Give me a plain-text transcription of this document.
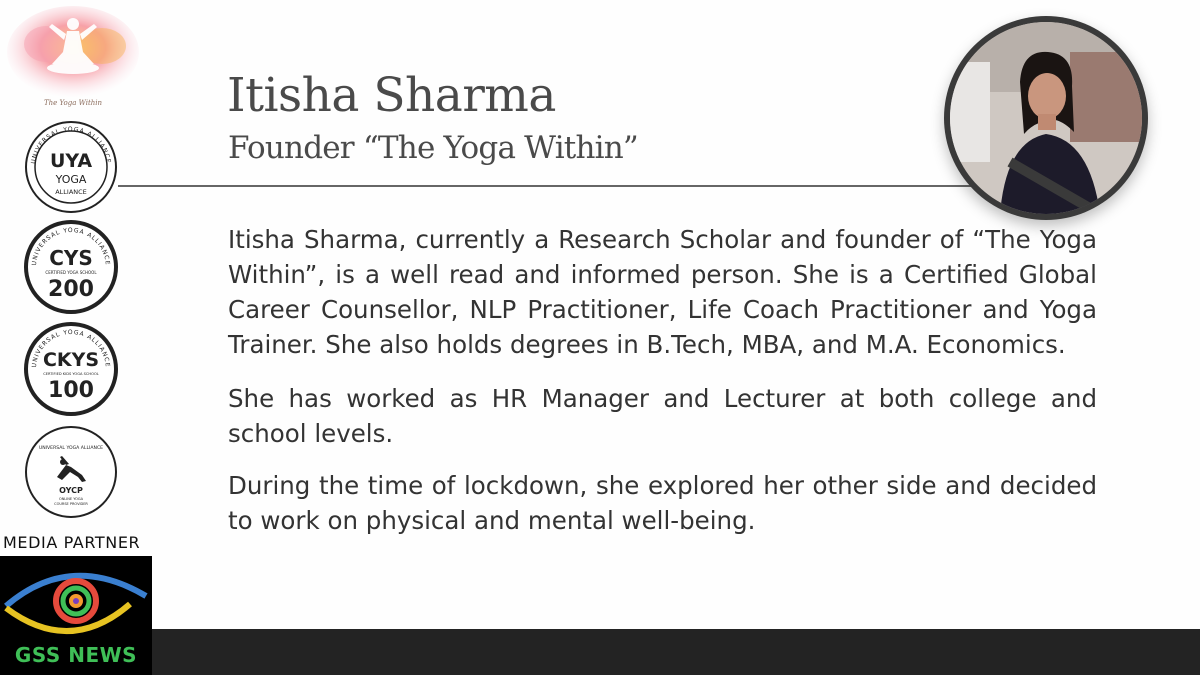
The Yoga Within
UNIVERSAL YOGA ALLIANCE
UYA
YOGA
ALLIANCE
UNIVERSAL YOGA ALLIANCE
CYS
CERTIFIED YOGA SCHOOL
200
UNIVERSAL YOGA ALLIANCE
CKYS
CERTIFIED KIDS YOGA SCHOOL
100
UNIVERSAL YOGA ALLIANCE
OYCP
ONLINE YOGA
COURSE PROVIDER
MEDIA PARTNER
GSS NEWS
Itisha Sharma
Founder “The Yoga Within”

Itisha Sharma, currently a Research Scholar and founder of “The Yoga Within”, is a well read and informed person. She is a Certified Global Career Counsellor, NLP Practitioner, Life Coach Practitioner and Yoga Trainer. She also holds degrees in B.Tech, MBA, and M.A. Economics.

She has worked as HR Manager and Lecturer at both college and school levels.

During the time of lockdown, she explored her other side and decided to work on physical and mental well-being.
